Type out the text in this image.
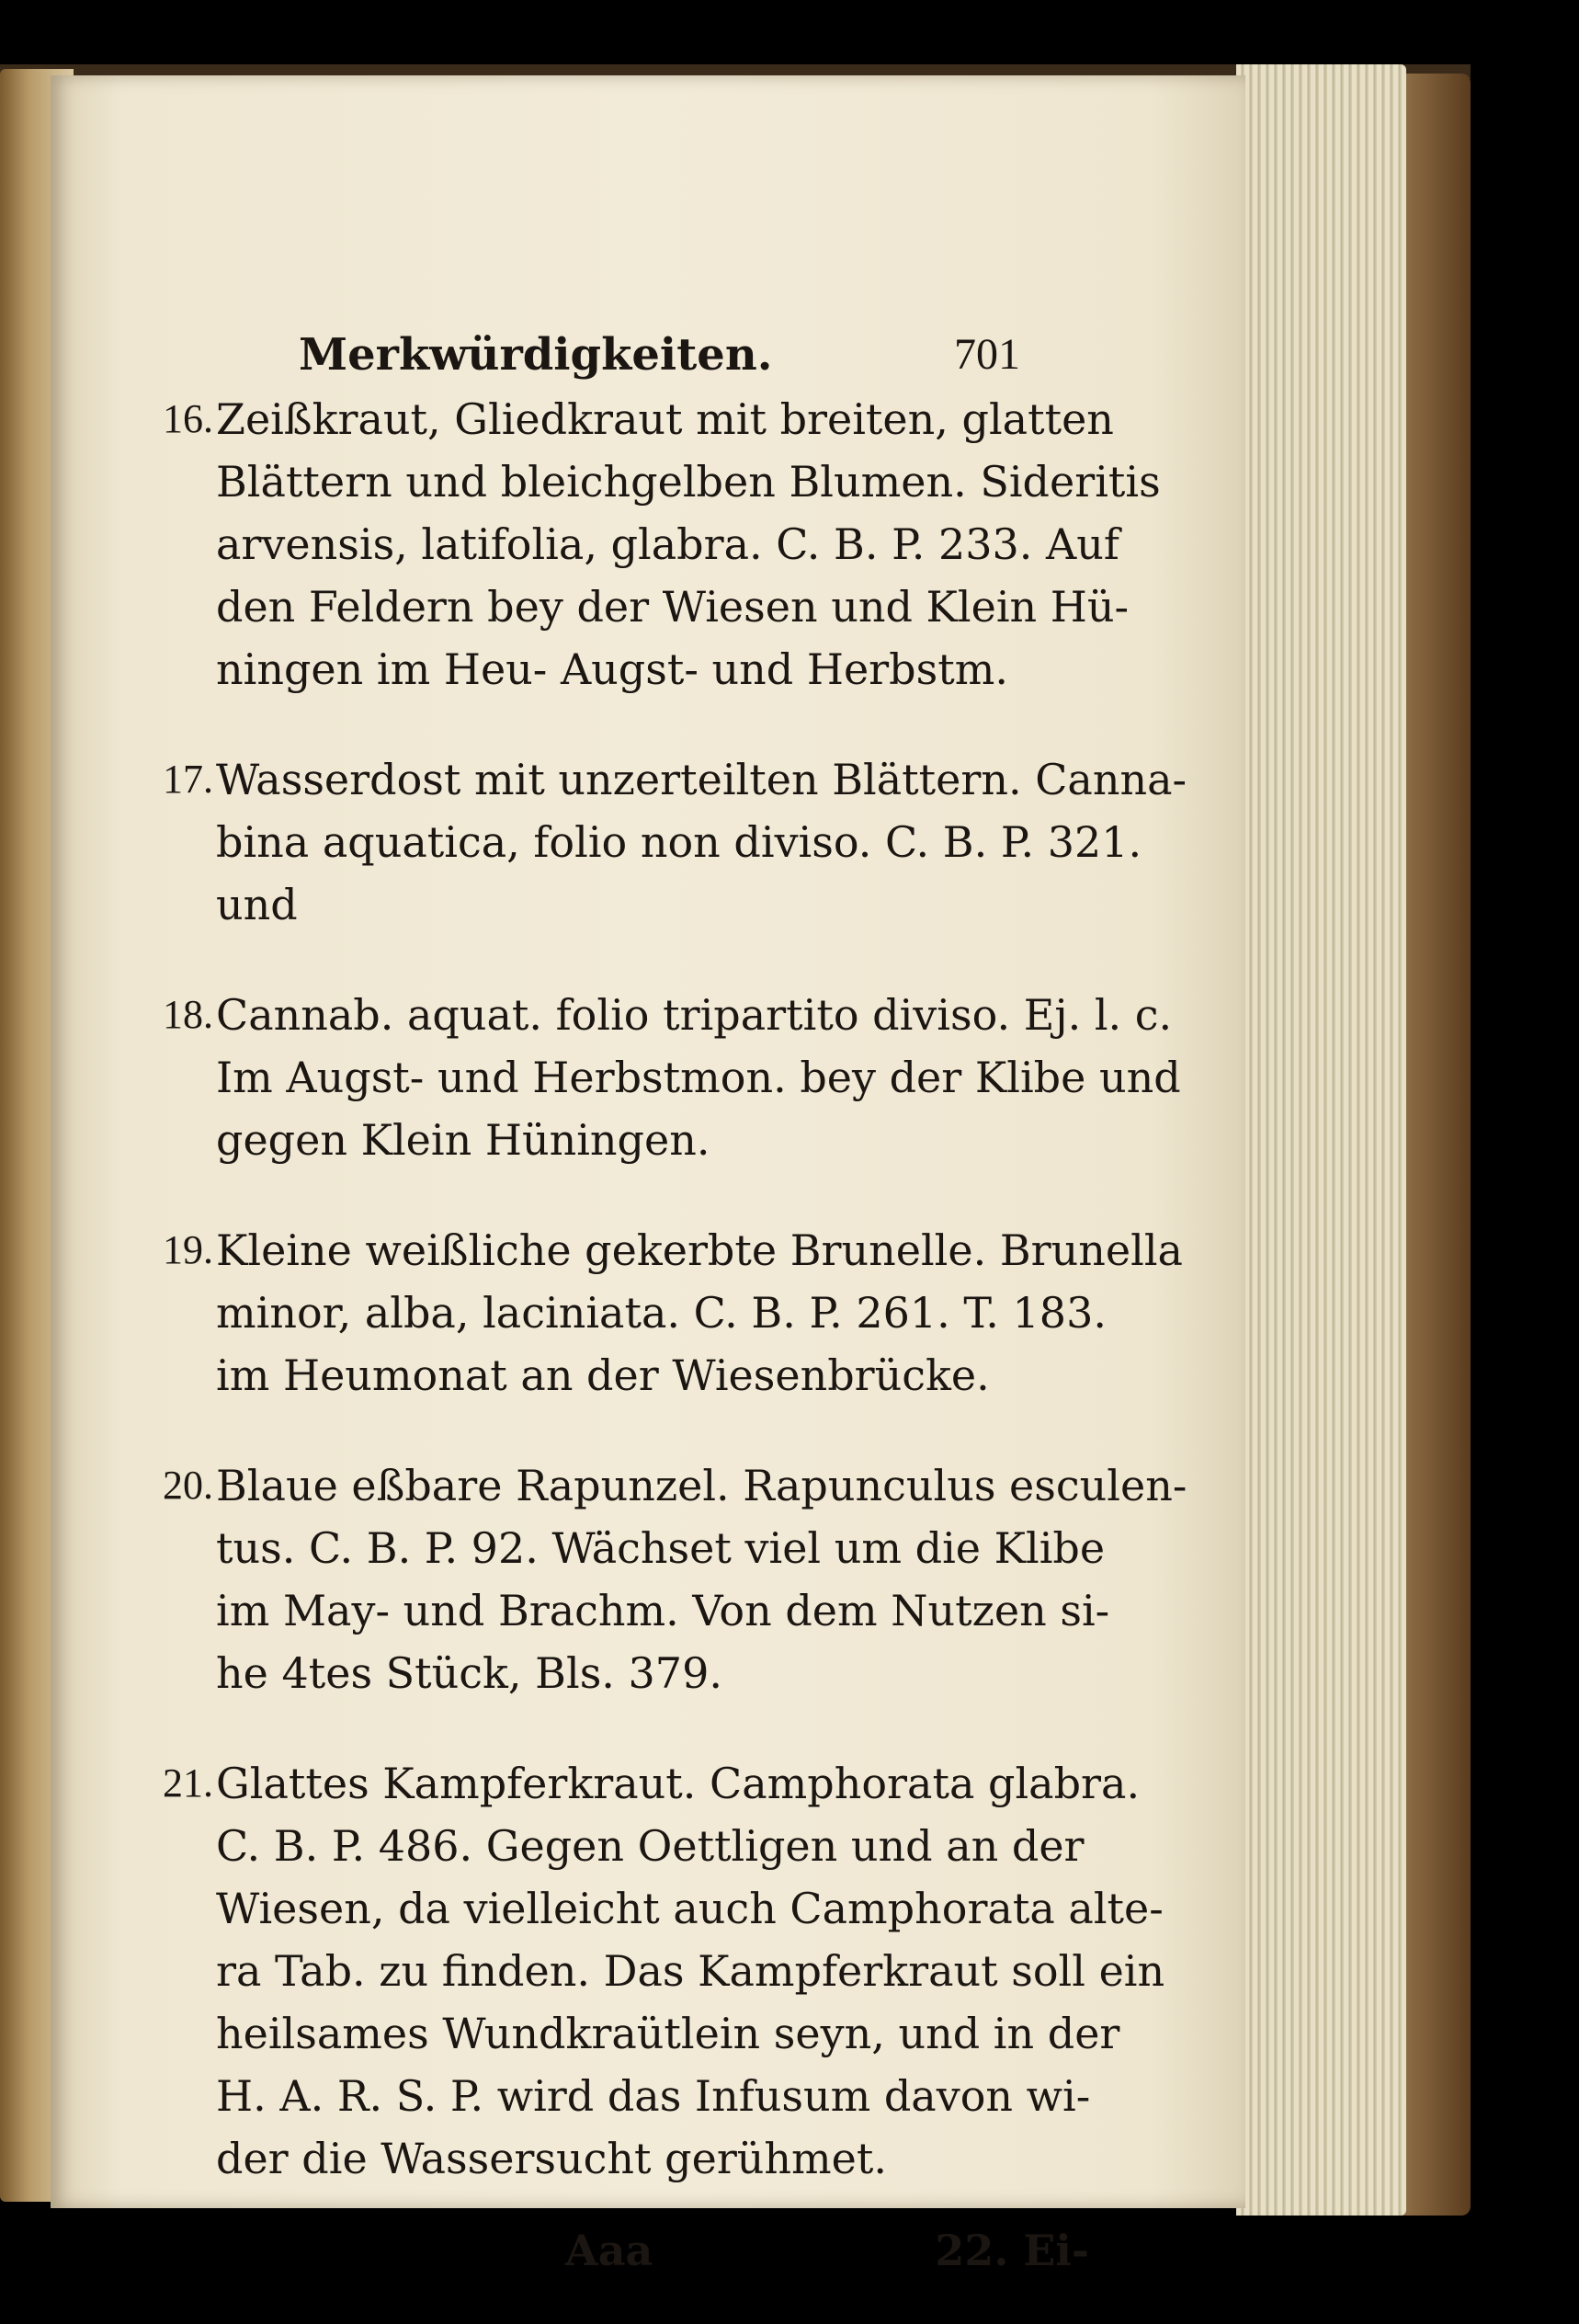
Merkwürdigkeiten.	701
16. Zeißkraut, Gliedkraut mit breiten, glatten
Blättern und bleichgelben Blumen. Sideritis
arvensis, latifolia, glabra. C. B. P. 233. Auf
den Feldern bey der Wiesen und Klein Hü-
ningen im Heu- Augst- und Herbstm.
17. Wasserdost mit unzerteilten Blättern. Canna-
bina aquatica, folio non diviso. C. B. P. 321.
und
18. Cannab. aquat. folio tripartito diviso. Ej. l. c.
Im Augst- und Herbstmon. bey der Klibe und
gegen Klein Hüningen.
19. Kleine weißliche gekerbte Brunelle. Brunella
minor, alba, laciniata. C. B. P. 261. T. 183.
im Heumonat an der Wiesenbrücke.
20. Blaue eßbare Rapunzel. Rapunculus esculen-
tus. C. B. P. 92. Wächset viel um die Klibe
im May- und Brachm. Von dem Nutzen si-
he 4tes Stück, Bls. 379.
21. Glattes Kampferkraut. Camphorata glabra.
C. B. P. 486. Gegen Oettligen und an der
Wiesen, da vielleicht auch Camphorata alte-
ra Tab. zu finden. Das Kampferkraut soll ein
heilsames Wundkraütlein seyn, und in der
H. A. R. S. P. wird das Infusum davon wi-
der die Wassersucht gerühmet.
Aaa	22. Ei-
